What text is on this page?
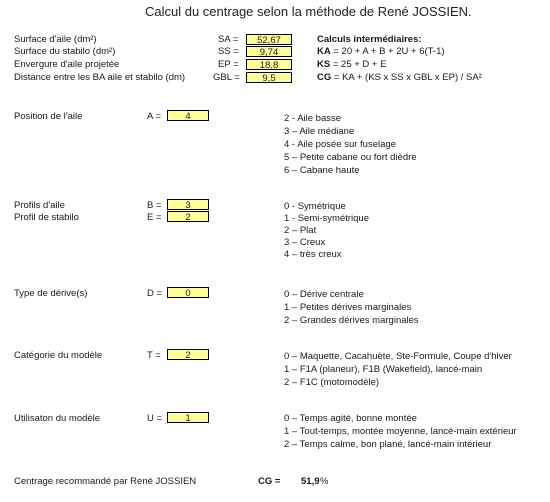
Calcul du centrage selon la méthode de René JOSSIEN.
Surface d'aile (dm²)	SA =	52,67
Surface du stabilo (dm²)	SS =	9,74
Envergure d'aile projetée	EP =	18,8
Distance entre les BA aile et stabilo (dm)	GBL =	9,5
Calculs intermédiaires:
KA = 20 + A + B + 2U + 6(T-1)
KS = 25 + D + E
CG = KA + (KS x SS x GBL x EP) / SA²
Position de l'aile	A =	4	2 - Aile basse
3 – Aile médiane
4 - Aile posée sur fuselage
5 – Petite cabane ou fort dièdre
6 – Cabane haute
Profils d'aile	B =	3
Profil de stabilo	E =	2
0 - Symétrique
1 - Semi-symétrique
2 – Plat
3 – Creux
4 – très creux
Type de dérive(s)	D =	0	0 – Dérive centrale
1 – Petites dérives marginales
2 – Grandes dérives marginales
Catégorie du modèle	T =	2	0 – Maquette, Cacahuète, Ste-Formule, Coupe d'hiver
1 – F1A (planeur), F1B (Wakefield), lancé-main
2 – F1C (motomodèle)
Utilisaton du modèle	U =	1	0 – Temps agité, bonne montée
1 – Tout-temps, montée moyenne, lancé-main extérieur
2 – Temps calme, bon plané, lancé-main intérieur
Centrage recommandé par René JOSSIEN	CG = 51,9 %
